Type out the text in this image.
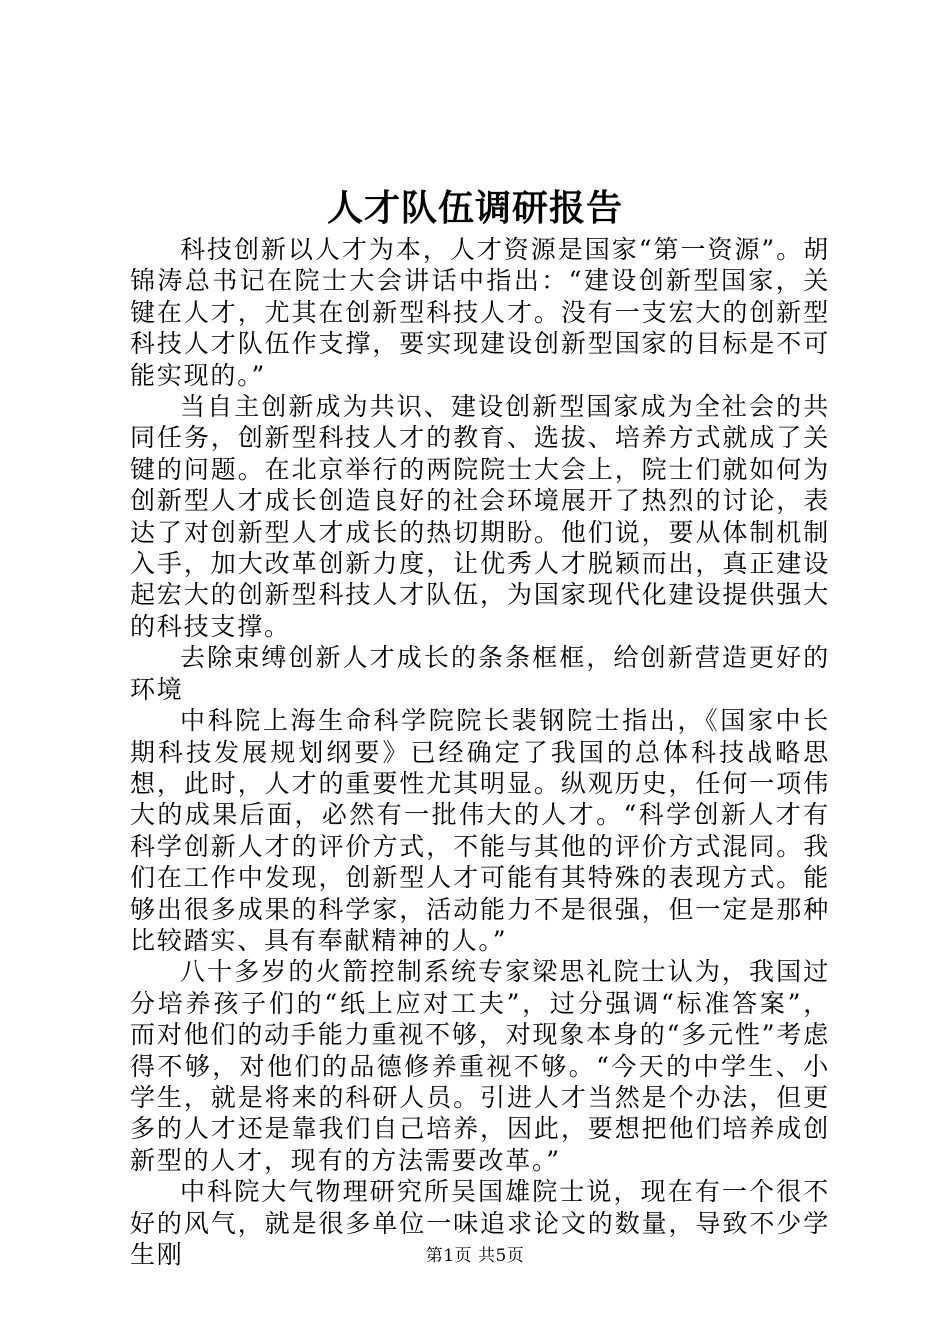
人才队伍调研报告

科技创新以人才为本，人才资源是国家“第一资源”。胡锦涛总书记在院士大会讲话中指出：“建设创新型国家，关键在人才，尤其在创新型科技人才。没有一支宏大的创新型科技人才队伍作支撑，要实现建设创新型国家的目标是不可能实现的。”

当自主创新成为共识、建设创新型国家成为全社会的共同任务，创新型科技人才的教育、选拔、培养方式就成了关键的问题。在北京举行的两院院士大会上，院士们就如何为创新型人才成长创造良好的社会环境展开了热烈的讨论，表达了对创新型人才成长的热切期盼。他们说，要从体制机制入手，加大改革创新力度，让优秀人才脱颖而出，真正建设起宏大的创新型科技人才队伍，为国家现代化建设提供强大的科技支撑。

去除束缚创新人才成长的条条框框，给创新营造更好的环境

中科院上海生命科学院院长裴钢院士指出，《国家中长期科技发展规划纲要》已经确定了我国的总体科技战略思想，此时，人才的重要性尤其明显。纵观历史，任何一项伟大的成果后面，必然有一批伟大的人才。“科学创新人才有科学创新人才的评价方式，不能与其他的评价方式混同。我们在工作中发现，创新型人才可能有其特殊的表现方式。能够出很多成果的科学家，活动能力不是很强，但一定是那种比较踏实、具有奉献精神的人。”

八十多岁的火箭控制系统专家梁思礼院士认为，我国过分培养孩子们的“纸上应对工夫”，过分强调“标准答案”，而对他们的动手能力重视不够，对现象本身的“多元性”考虑得不够，对他们的品德修养重视不够。“今天的中学生、小学生，就是将来的科研人员。引进人才当然是个办法，但更多的人才还是靠我们自己培养，因此，要想把他们培养成创新型的人才，现有的方法需要改革。”

中科院大气物理研究所吴国雄院士说，现在有一个很不好的风气，就是很多单位一味追求论文的数量，导致不少学生刚	第1页 共5页
